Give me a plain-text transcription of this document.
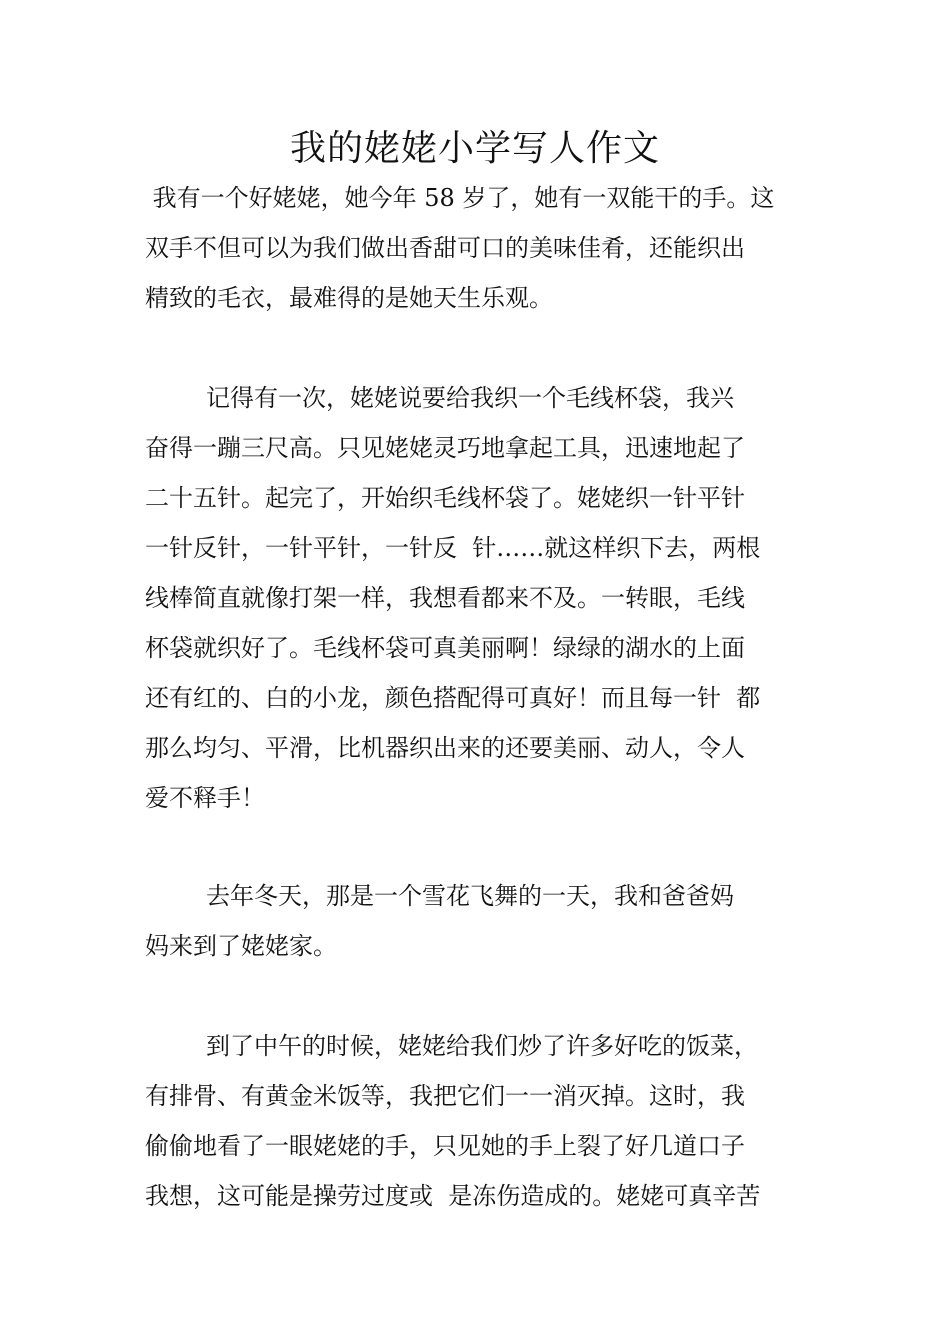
我的姥姥小学写人作文

我有一个好姥姥，她今年 58 岁了，她有一双能干的手。这

双手不但可以为我们做出香甜可口的美味佳肴，还能织出

精致的毛衣，最难得的是她天生乐观。

记得有一次，姥姥说要给我织一个毛线杯袋，我兴

奋得一蹦三尺高。只见姥姥灵巧地拿起工具，迅速地起了

二十五针。起完了，开始织毛线杯袋了。姥姥织一针平针

一针反针，一针平针，一针反  针……就这样织下去，两根

线棒简直就像打架一样，我想看都来不及。一转眼，毛线

杯袋就织好了。毛线杯袋可真美丽啊！绿绿的湖水的上面

还有红的、白的小龙，颜色搭配得可真好！而且每一针  都

那么均匀、平滑，比机器织出来的还要美丽、动人，令人

爱不释手！

去年冬天，那是一个雪花飞舞的一天，我和爸爸妈

妈来到了姥姥家。

到了中午的时候，姥姥给我们炒了许多好吃的饭菜，

有排骨、有黄金米饭等，我把它们一一消灭掉。这时，我

偷偷地看了一眼姥姥的手，只见她的手上裂了好几道口子

我想，这可能是操劳过度或  是冻伤造成的。姥姥可真辛苦
